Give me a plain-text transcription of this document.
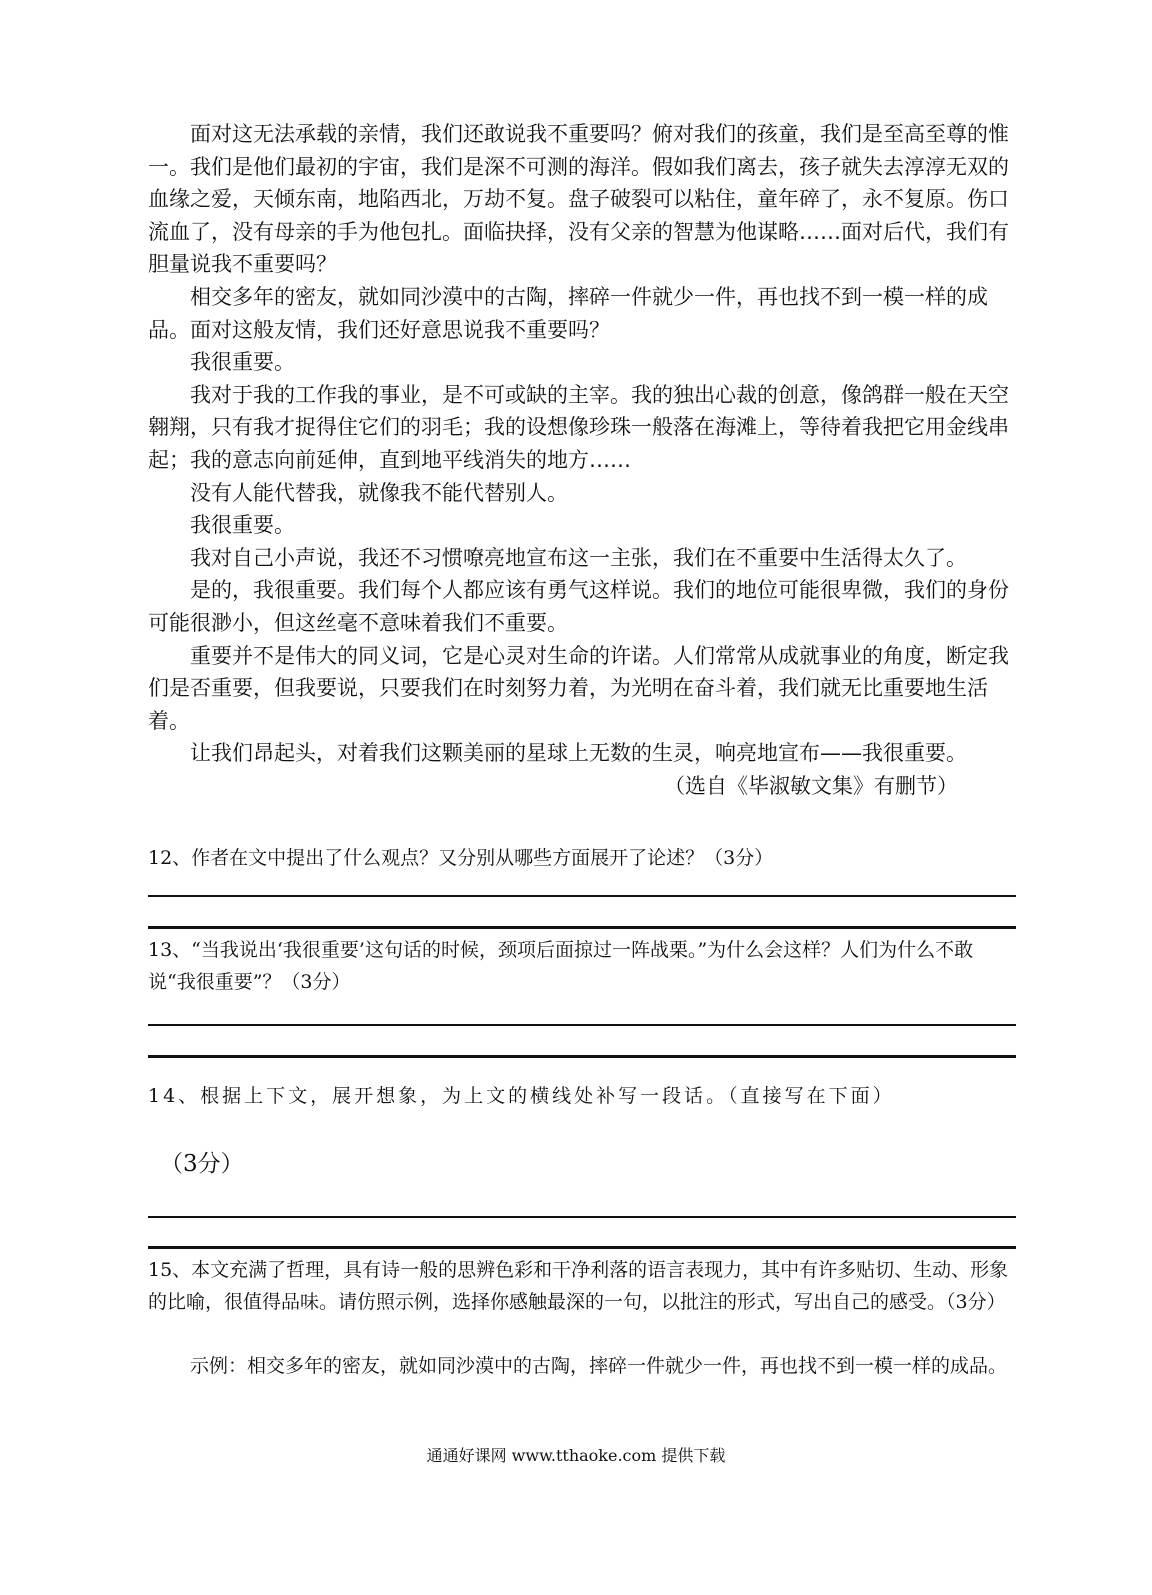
面对这无法承载的亲情，我们还敢说我不重要吗？俯对我们的孩童，我们是至高至尊的惟一。我们是他们最初的宇宙，我们是深不可测的海洋。假如我们离去，孩子就失去淳淳无双的血缘之爱，天倾东南，地陷西北，万劫不复。盘子破裂可以粘住，童年碎了，永不复原。伤口流血了，没有母亲的手为他包扎。面临抉择，没有父亲的智慧为他谋略……面对后代，我们有胆量说我不重要吗？

相交多年的密友，就如同沙漠中的古陶，摔碎一件就少一件，再也找不到一模一样的成品。面对这般友情，我们还好意思说我不重要吗？

我很重要。

我对于我的工作我的事业，是不可或缺的主宰。我的独出心裁的创意，像鸽群一般在天空翱翔，只有我才捉得住它们的羽毛；我的设想像珍珠一般落在海滩上，等待着我把它用金线串起；我的意志向前延伸，直到地平线消失的地方……

没有人能代替我，就像我不能代替别人。

我很重要。

我对自己小声说，我还不习惯嘹亮地宣布这一主张，我们在不重要中生活得太久了。

是的，我很重要。我们每个人都应该有勇气这样说。我们的地位可能很卑微，我们的身份可能很渺小，但这丝毫不意味着我们不重要。

重要并不是伟大的同义词，它是心灵对生命的许诺。人们常常从成就事业的角度，断定我们是否重要，但我要说，只要我们在时刻努力着，为光明在奋斗着，我们就无比重要地生活着。

让我们昂起头，对着我们这颗美丽的星球上无数的生灵，响亮地宣布——我很重要。

（选自《毕淑敏文集》有删节）

12、作者在文中提出了什么观点？又分别从哪些方面展开了论述？（3分）

13、“当我说出‘我很重要’这句话的时候，颈项后面掠过一阵战栗。”为什么会这样？人们为什么不敢说“我很重要”？（3分）

14、根据上下文，展开想象，为上文的横线处补写一段话。（直接写在下面）

（3分）

15、本文充满了哲理，具有诗一般的思辨色彩和干净利落的语言表现力，其中有许多贴切、生动、形象的比喻，很值得品味。请仿照示例，选择你感触最深的一句，以批注的形式，写出自己的感受。（3分）

示例：相交多年的密友，就如同沙漠中的古陶，摔碎一件就少一件，再也找不到一模一样的成品。

通通好课网 www.tthaoke.com 提供下载
